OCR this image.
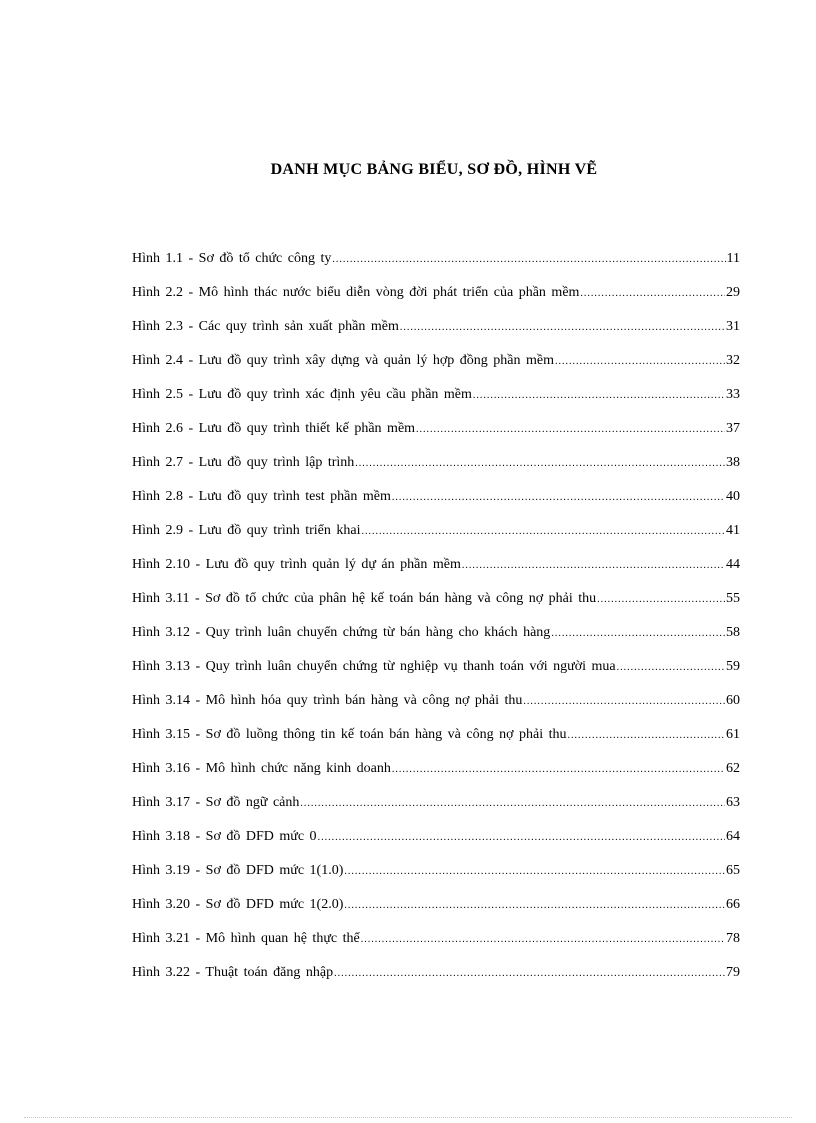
DANH MỤC BẢNG BIỂU, SƠ ĐỒ, HÌNH VẼ
Hình 1.1 - Sơ đồ tổ chức công ty .....	11
Hình 2.2 - Mô hình thác nước biểu diễn vòng đời phát triển của phần mềm .....	29
Hình 2.3 - Các quy trình sản xuất phần mềm .....	31
Hình 2.4 - Lưu đồ quy trình xây dựng và quản lý hợp đồng phần mềm .....	32
Hình 2.5 - Lưu đồ quy trình xác định yêu cầu phần mềm .....	33
Hình 2.6 - Lưu đồ quy trình thiết kế phần mềm .....	37
Hình 2.7 - Lưu đồ quy trình lập trình .....	38
Hình 2.8 - Lưu đồ quy trình test phần mềm .....	40
Hình 2.9 - Lưu đồ quy trình triển khai .....	41
Hình 2.10 - Lưu đồ quy trình quản lý dự án phần mềm .....	44
Hình 3.11 - Sơ đồ tổ chức của phân hệ kế toán bán hàng và công nợ phải thu .....	55
Hình 3.12 - Quy trình luân chuyển chứng từ bán hàng cho khách hàng .....	58
Hình 3.13 - Quy trình luân chuyển chứng từ nghiệp vụ thanh toán với người mua .....	59
Hình 3.14 - Mô hình hóa quy trình bán hàng và công nợ phải thu .....	60
Hình 3.15 - Sơ đồ luồng thông tin kế toán bán hàng và công nợ phải thu .....	61
Hình 3.16 - Mô hình chức năng kinh doanh .....	62
Hình 3.17 - Sơ đồ ngữ cảnh .....	63
Hình 3.18 - Sơ đồ DFD mức 0 .....	64
Hình 3.19 - Sơ đồ DFD mức 1(1.0) .....	65
Hình 3.20 - Sơ đồ DFD mức 1(2.0) .....	66
Hình 3.21 - Mô hình quan hệ thực thể .....	78
Hình 3.22 - Thuật toán đăng nhập .....	79
